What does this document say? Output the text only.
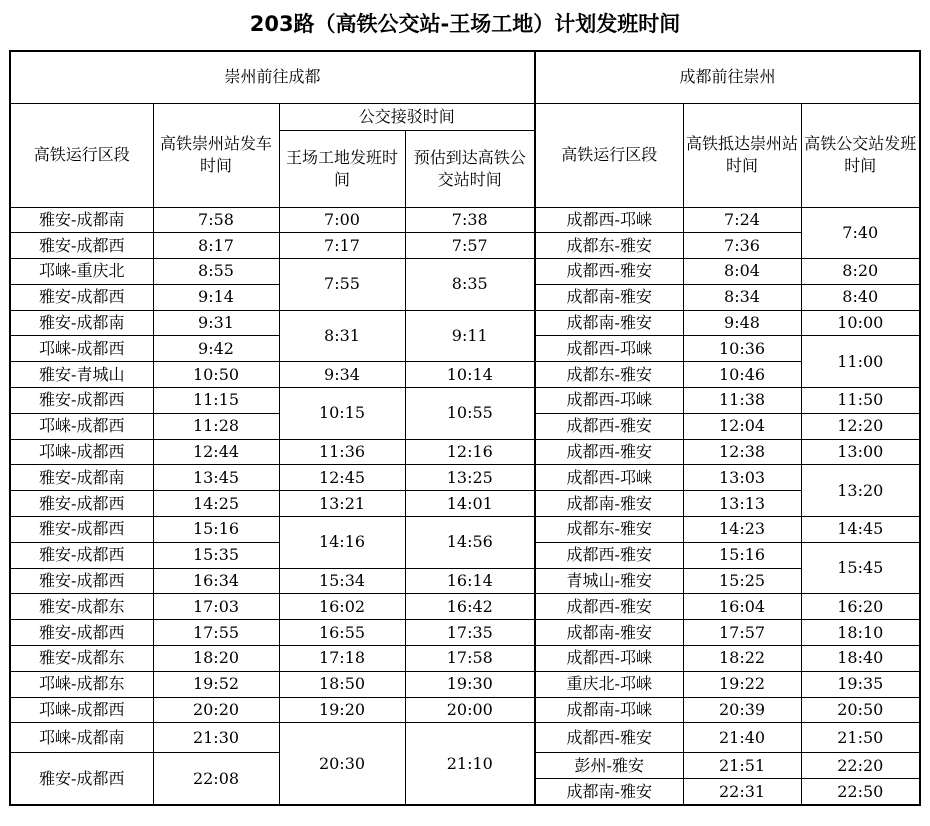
203路（高铁公交站-王场工地）计划发班时间
崇州前往成都				成都前往崇州		
高铁运行区段	高铁崇州站发车时间	公交接驳时间		高铁运行区段	高铁抵达崇州站时间	高铁公交站发班时间
		王场工地发班时间	预估到达高铁公交站时间			
雅安-成都南	7:58	7:00	7:38	成都西-邛崃	7:24	7:40
雅安-成都西	8:17	7:17	7:57	成都东-雅安	7:36	
邛崃-重庆北	8:55	7:55	8:35	成都西-雅安	8:04	8:20
雅安-成都西	9:14			成都南-雅安	8:34	8:40
雅安-成都南	9:31	8:31	9:11	成都南-雅安	9:48	10:00
邛崃-成都西	9:42			成都西-邛崃	10:36	11:00
雅安-青城山	10:50	9:34	10:14	成都东-雅安	10:46	
雅安-成都西	11:15	10:15	10:55	成都西-邛崃	11:38	11:50
邛崃-成都西	11:28			成都西-雅安	12:04	12:20
邛崃-成都西	12:44	11:36	12:16	成都西-雅安	12:38	13:00
雅安-成都南	13:45	12:45	13:25	成都西-邛崃	13:03	13:20
雅安-成都西	14:25	13:21	14:01	成都南-雅安	13:13	
雅安-成都西	15:16	14:16	14:56	成都东-雅安	14:23	14:45
雅安-成都西	15:35			成都西-雅安	15:16	15:45
雅安-成都西	16:34	15:34	16:14	青城山-雅安	15:25	
雅安-成都东	17:03	16:02	16:42	成都西-雅安	16:04	16:20
雅安-成都西	17:55	16:55	17:35	成都南-雅安	17:57	18:10
雅安-成都东	18:20	17:18	17:58	成都西-邛崃	18:22	18:40
邛崃-成都东	19:52	18:50	19:30	重庆北-邛崃	19:22	19:35
邛崃-成都西	20:20	19:20	20:00	成都南-邛崃	20:39	20:50
邛崃-成都南	21:30	20:30	21:10	成都西-雅安	21:40	21:50
雅安-成都西	22:08			彭州-雅安	21:51	22:20
				成都南-雅安	22:31	22:50
